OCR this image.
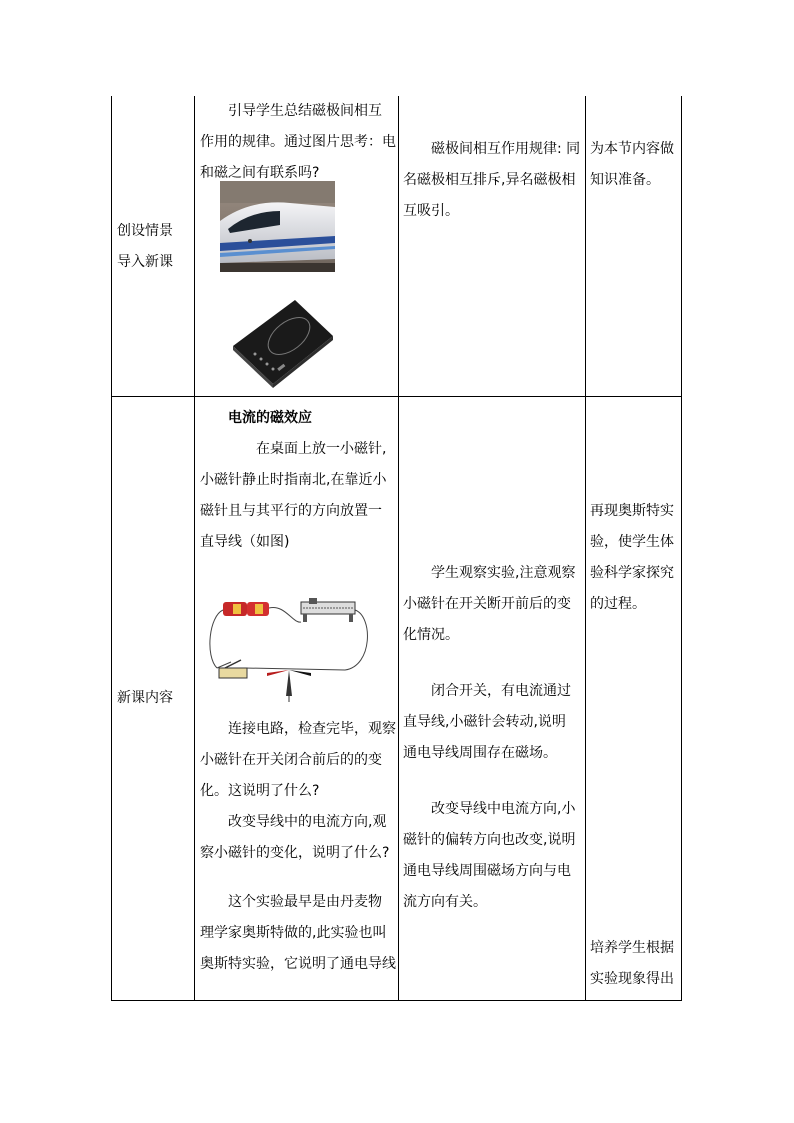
创设情景
导入新课

引导学生总结磁极间相互

作用的规律。通过图片思考：电

和磁之间有联系吗?

磁极间相互作用规律: 同

名磁极相互排斥,异名磁极相

互吸引。

为本节内容做

知识准备。

新课内容

电流的磁效应

在桌面上放一小磁针,

小磁针静止时指南北,在靠近小

磁针且与其平行的方向放置一

直导线（如图)

连接电路，检查完毕，观察

小磁针在开关闭合前后的的变

化。这说明了什么?

改变导线中的电流方向,观

察小磁针的变化，说明了什么?

这个实验最早是由丹麦物

理学家奥斯特做的,此实验也叫

奥斯特实验，它说明了通电导线

学生观察实验,注意观察

小磁针在开关断开前后的变

化情况。

闭合开关，有电流通过

直导线,小磁针会转动,说明

通电导线周围存在磁场。

改变导线中电流方向,小

磁针的偏转方向也改变,说明

通电导线周围磁场方向与电

流方向有关。

再现奥斯特实

验，使学生体

验科学家探究

的过程。

培养学生根据

实验现象得出
